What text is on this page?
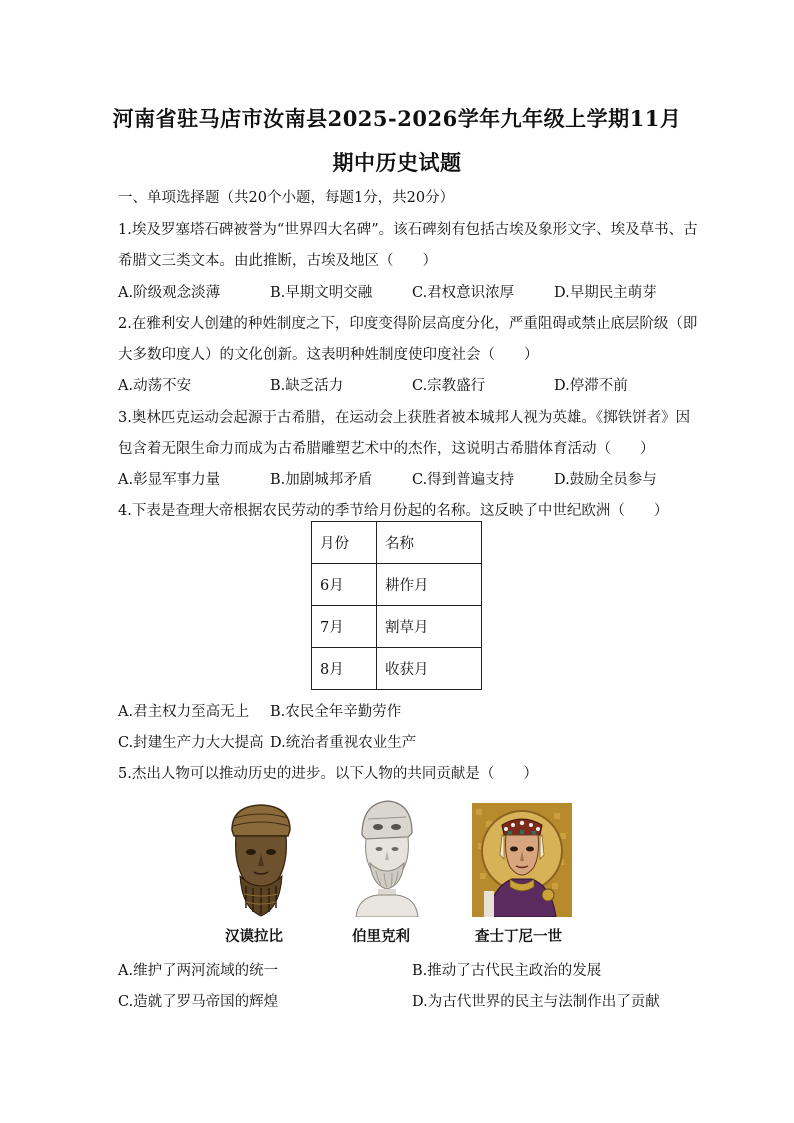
河南省驻马店市汝南县2025-2026学年九年级上学期11月
期中历史试题
一、单项选择题（共20个小题，每题1分，共20分）
1.埃及罗塞塔石碑被誉为“世界四大名碑”。该石碑刻有包括古埃及象形文字、埃及草书、古
希腊文三类文本。由此推断，古埃及地区（　　）
A.阶级观念淡薄	B.早期文明交融	C.君权意识浓厚	D.早期民主萌芽
2.在雅利安人创建的种姓制度之下，印度变得阶层高度分化，严重阻碍或禁止底层阶级（即
大多数印度人）的文化创新。这表明种姓制度使印度社会（　　）
A.动荡不安	B.缺乏活力	C.宗教盛行	D.停滞不前
3.奥林匹克运动会起源于古希腊，在运动会上获胜者被本城邦人视为英雄。《掷铁饼者》因
包含着无限生命力而成为古希腊雕塑艺术中的杰作，这说明古希腊体育活动（　　）
A.彰显军事力量	B.加剧城邦矛盾	C.得到普遍支持	D.鼓励全员参与
4.下表是查理大帝根据农民劳动的季节给月份起的名称。这反映了中世纪欧洲（　　）
月份	名称
6月	耕作月
7月	割草月
8月	收获月
A.君主权力至高无上 B.农民全年辛勤劳作
C.封建生产力大大提高 D.统治者重视农业生产
5.杰出人物可以推动历史的进步。以下人物的共同贡献是（　　）
汉谟拉比	伯里克利	查士丁尼一世
A.维护了两河流域的统一	B.推动了古代民主政治的发展
C.造就了罗马帝国的辉煌	D.为古代世界的民主与法制作出了贡献
